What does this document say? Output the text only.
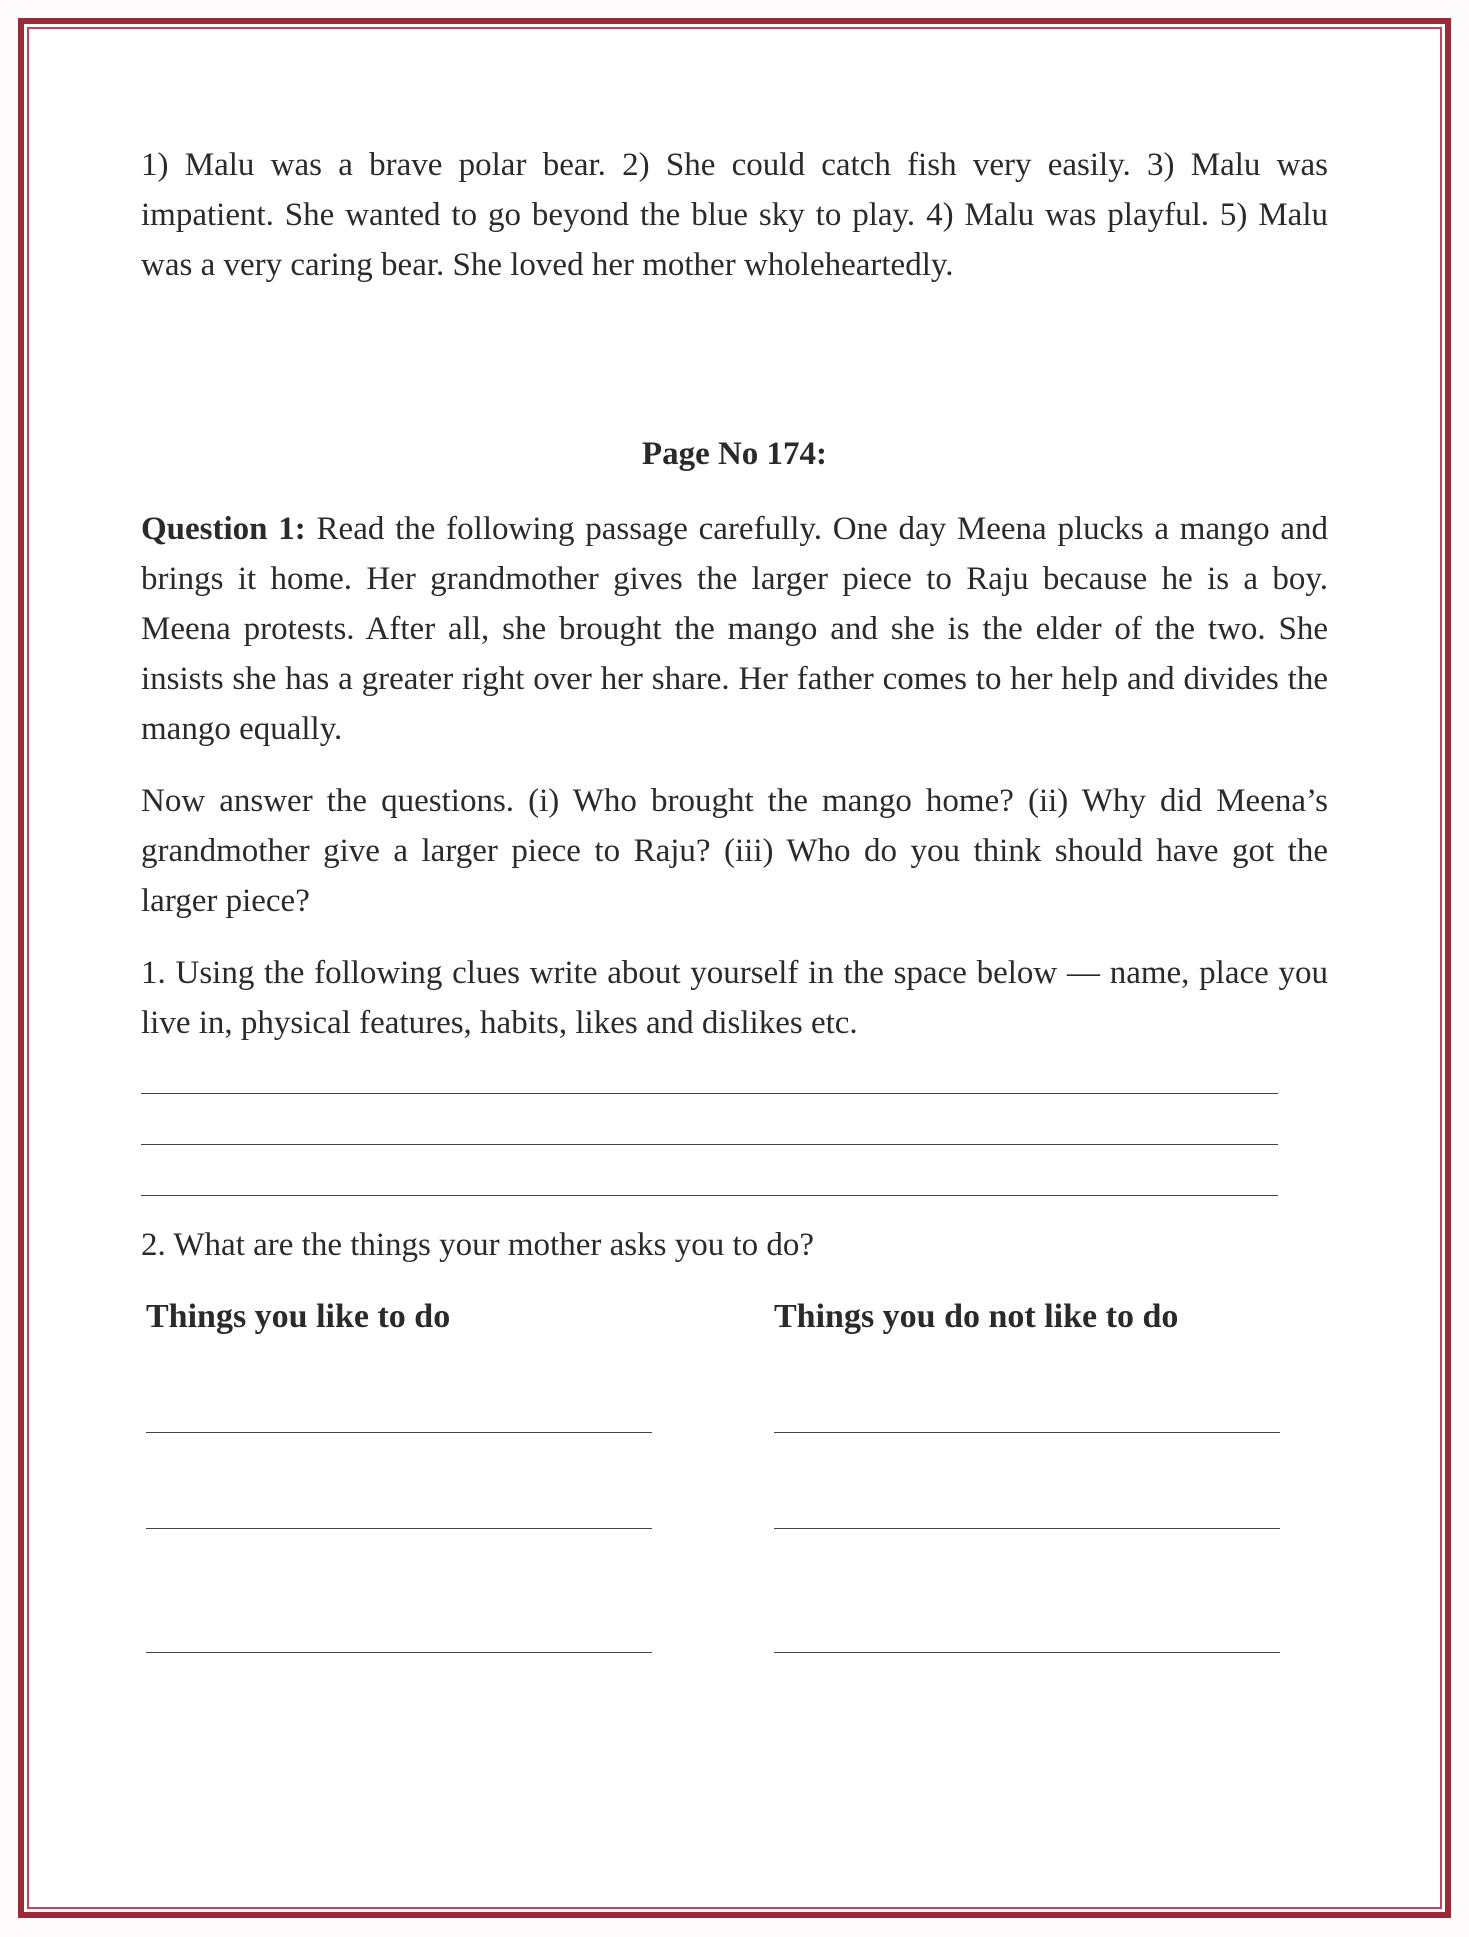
1) Malu was a brave polar bear. 2) She could catch fish very easily. 3) Malu was impatient. She wanted to go beyond the blue sky to play. 4) Malu was playful. 5) Malu was a very caring bear. She loved her mother wholeheartedly.

Page No 174:

Question 1: Read the following passage carefully. One day Meena plucks a mango and brings it home. Her grandmother gives the larger piece to Raju because he is a boy. Meena protests. After all, she brought the mango and she is the elder of the two. She insists she has a greater right over her share. Her father comes to her help and divides the mango equally.

Now answer the questions. (i) Who brought the mango home? (ii) Why did Meena’s grandmother give a larger piece to Raju? (iii) Who do you think should have got the larger piece?

1. Using the following clues write about yourself in the space below — name, place you live in, physical features, habits, likes and dislikes etc.

2. What are the things your mother asks you to do?

Things you like to do	Things you do not like to do
